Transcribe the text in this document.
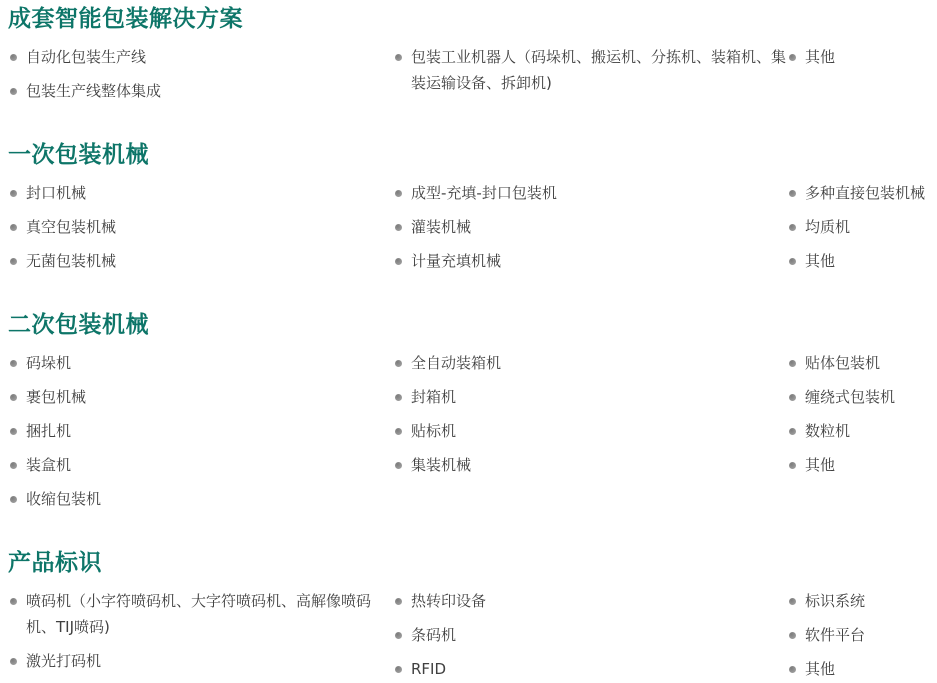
成套智能包装解决方案
自动化包装生产线
包装生产线整体集成
包装工业机器人（码垛机、搬运机、分拣机、装箱机、集装运输设备、拆卸机)
其他
一次包装机械
封口机械
真空包装机械
无菌包装机械
成型-充填-封口包装机
灌装机械
计量充填机械
多种直接包装机械
均质机
其他
二次包装机械
码垛机
裹包机械
捆扎机
装盒机
收缩包装机
全自动装箱机
封箱机
贴标机
集装机械
贴体包装机
缠绕式包装机
数粒机
其他
产品标识
喷码机（小字符喷码机、大字符喷码机、高解像喷码机、TIJ喷码)
激光打码机
热转印设备
条码机
RFID
标识系统
软件平台
其他
